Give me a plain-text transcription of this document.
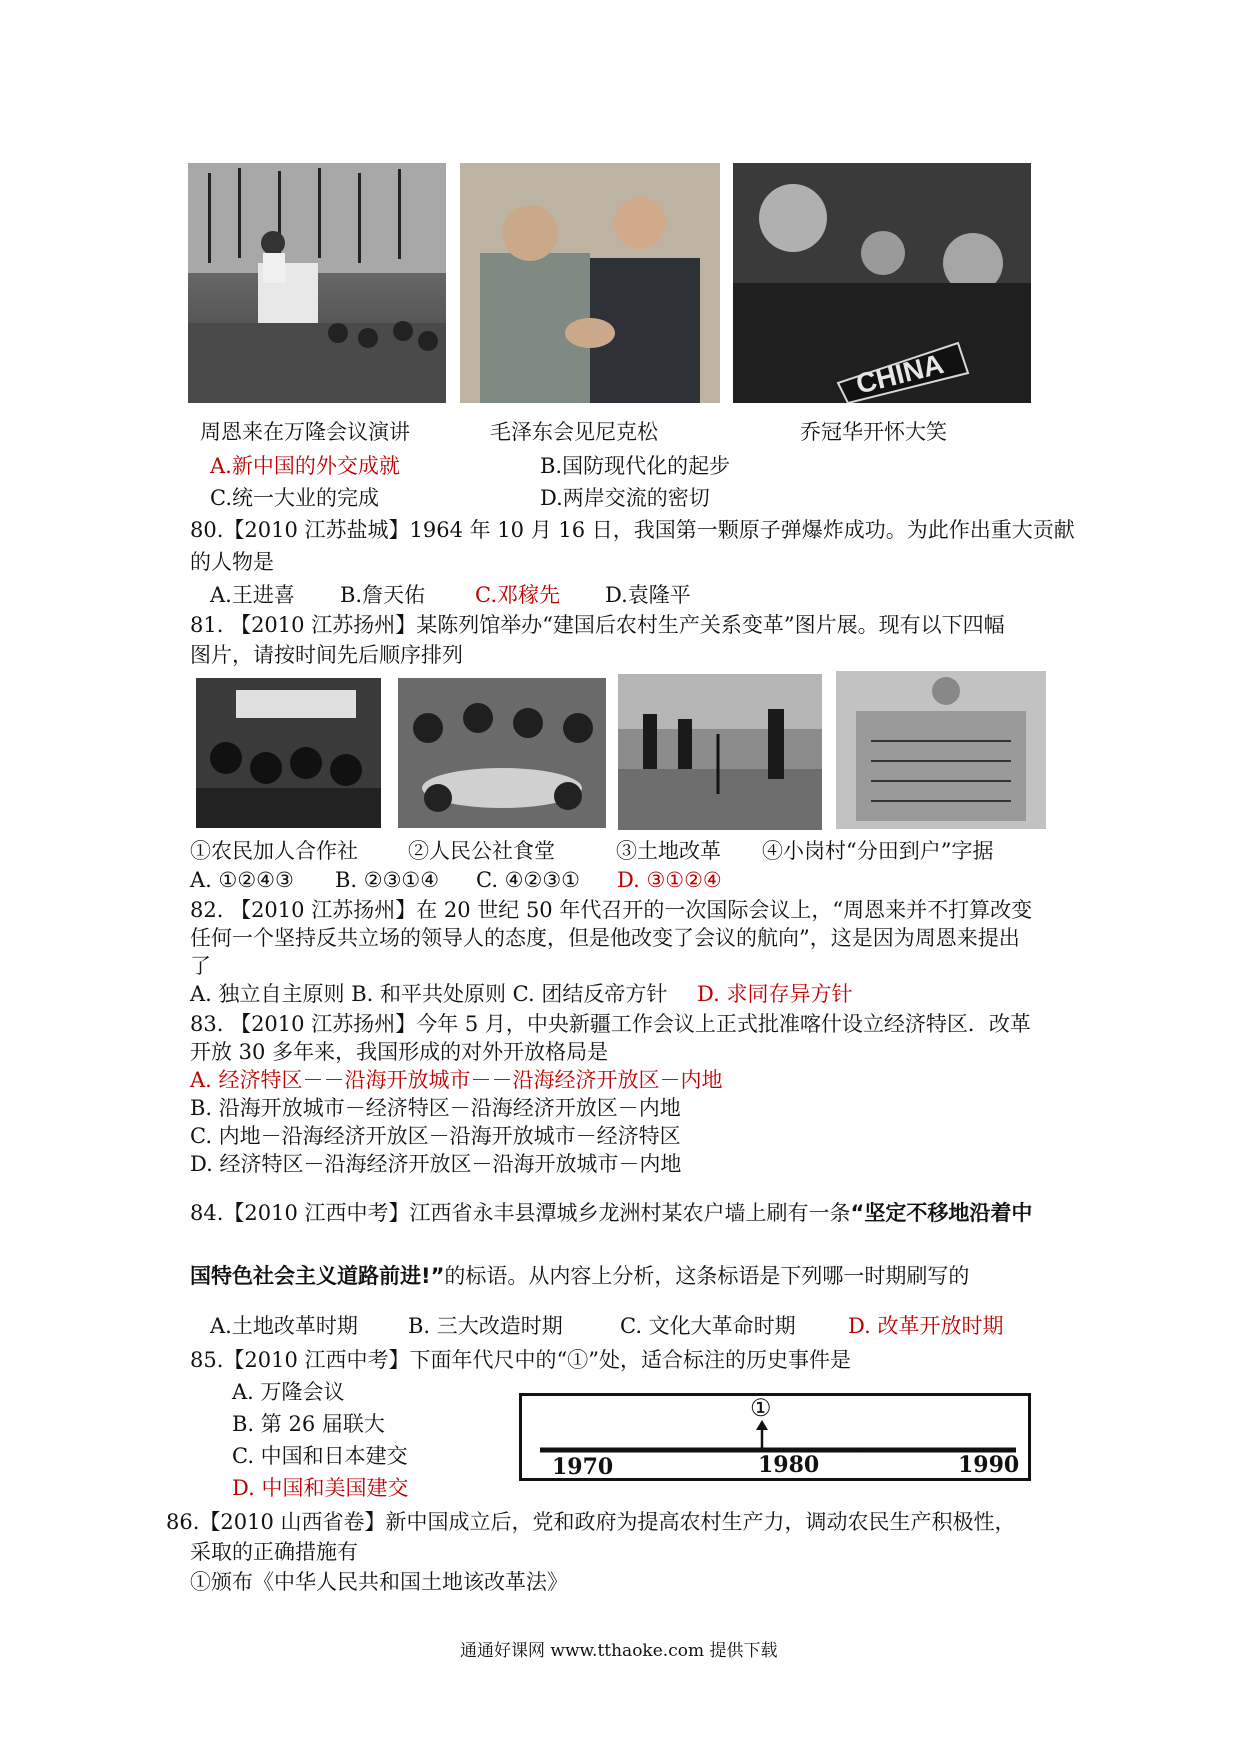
CHINA
周恩来在万隆会议演讲	毛泽东会见尼克松	乔冠华开怀大笑
A.新中国的外交成就	B.国防现代化的起步
C.统一大业的完成	D.两岸交流的密切
80.【2010 江苏盐城】1964 年 10 月 16 日，我国第一颗原子弹爆炸成功。为此作出重大贡献
的人物是
A.王进喜 B.詹天佑 C.邓稼先 D.袁隆平
81. 【2010 江苏扬州】某陈列馆举办“建国后农村生产关系变革”图片展。现有以下四幅
图片，请按时间先后顺序排列
①农民加人合作社 ②人民公社食堂	③土地改革 ④小岗村“分田到户”字据
A. ①②④③ B. ②③①④ C. ④②③① D. ③①②④
82. 【2010 江苏扬州】在 20 世纪 50 年代召开的一次国际会议上，“周恩来并不打算改变
任何一个坚持反共立场的领导人的态度，但是他改变了会议的航向”，这是因为周恩来提出
了
A. 独立自主原则 B. 和平共处原则 C. 团结反帝方针 D. 求同存异方针
83. 【2010 江苏扬州】今年 5 月，中央新疆工作会议上正式批准喀什设立经济特区．改革
开放 30 多年来，我国形成的对外开放格局是
A. 经济特区－－沿海开放城市－－沿海经济开放区－内地
B. 沿海开放城市－经济特区－沿海经济开放区－内地
C. 内地－沿海经济开放区－沿海开放城市－经济特区
D. 经济特区－沿海经济开放区－沿海开放城市－内地
84.【2010 江西中考】江西省永丰县潭城乡龙洲村某农户墙上刷有一条“坚定不移地沿着中
国特色社会主义道路前进!”的标语。从内容上分析，这条标语是下列哪一时期刷写的
A.土地改革时期 B. 三大改造时期	C. 文化大革命时期 D. 改革开放时期
85.【2010 江西中考】下面年代尺中的“①”处，适合标注的历史事件是
A. 万隆会议
B. 第 26 届联大
C. 中国和日本建交
D. 中国和美国建交
①
1970	1980	1990
86.【2010 山西省卷】新中国成立后，党和政府为提高农村生产力，调动农民生产积极性，
采取的正确措施有
①颁布《中华人民共和国土地该改革法》
通通好课网 www.tthaoke.com 提供下载
